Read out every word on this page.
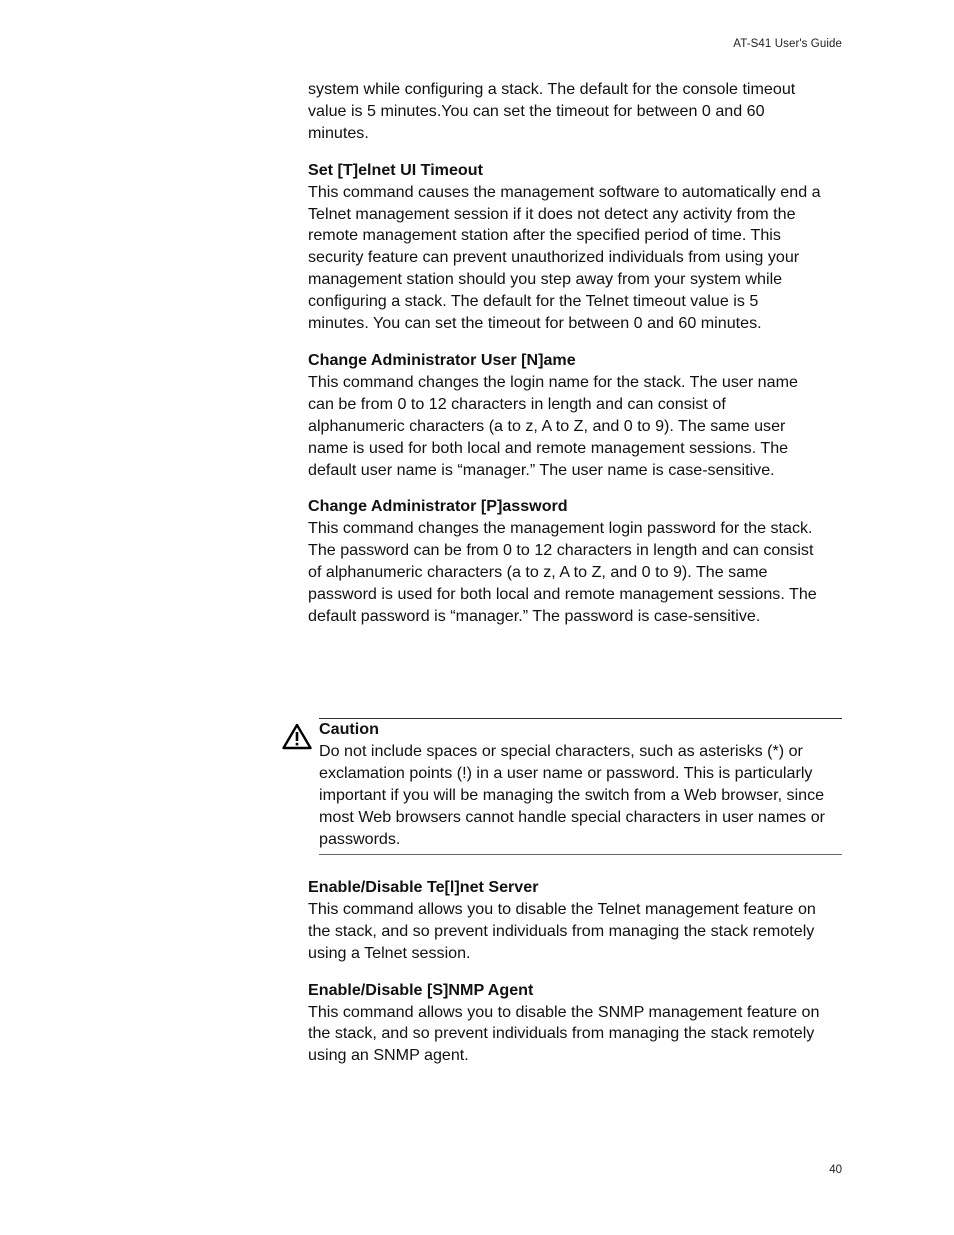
AT-S41 User's Guide

system while configuring a stack. The default for the console timeout value is 5 minutes.You can set the timeout for between 0 and 60 minutes.

Set [T]elnet UI Timeout

This command causes the management software to automatically end a Telnet management session if it does not detect any activity from the remote management station after the specified period of time. This security feature can prevent unauthorized individuals from using your management station should you step away from your system while configuring a stack. The default for the Telnet timeout value is 5 minutes. You can set the timeout for between 0 and 60 minutes.

Change Administrator User [N]ame

This command changes the login name for the stack. The user name can be from 0 to 12 characters in length and can consist of alphanumeric characters (a to z, A to Z, and 0 to 9). The same user name is used for both local and remote management sessions. The default user name is “manager.” The user name is case-sensitive.

Change Administrator [P]assword

This command changes the management login password for the stack. The password can be from 0 to 12 characters in length and can consist of alphanumeric characters (a to z, A to Z, and 0 to 9). The same password is used for both local and remote management sessions. The default password is “manager.” The password is case-sensitive.

Caution

Do not include spaces or special characters, such as asterisks (*) or exclamation points (!) in a user name or password. This is particularly important if you will be managing the switch from a Web browser, since most Web browsers cannot handle special characters in user names or passwords.

Enable/Disable Te[l]net Server

This command allows you to disable the Telnet management feature on the stack, and so prevent individuals from managing the stack remotely using a Telnet session.

Enable/Disable [S]NMP Agent

This command allows you to disable the SNMP management feature on the stack, and so prevent individuals from managing the stack remotely using an SNMP agent.

40
